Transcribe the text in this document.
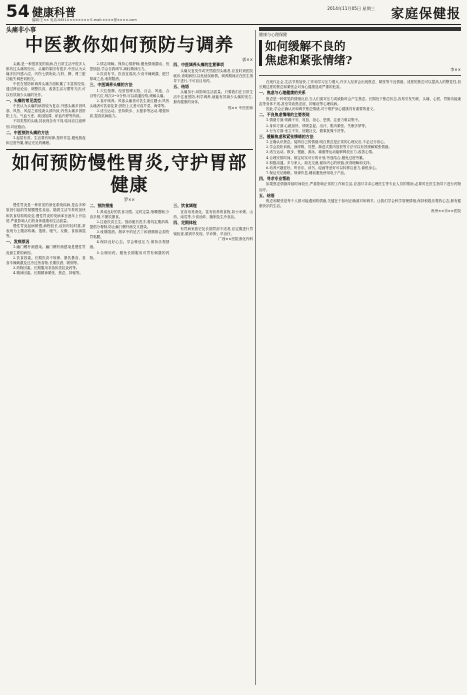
54 健康科普
编辑:王×× 电话:0451×××××××× E-mail:××××@××××.com
2014年11月05日 星期三 家庭保健报
头痛非小事
中医教你如何预防与调养
郭××
头痛,是一种很常见的疾病,在日常生活中很多人都有过头痛的经历。头痛的原因有很多,中医认为头痛多因外感六淫、内伤七情所致,与肝、脾、肾三脏功能失调密切相关。
中医在预防和调养头痛方面积累了丰富的经验,通过辨证论治、调整饮食、改善生活习惯等方法,可以有效减少头痛的发作。
一、头痛的常见类型
中医认为头痛的病因较为复杂,外感头痛多因风寒、风热、风湿之邪侵袭头部所致;内伤头痛多因肝阳上亢、气血亏虚、痰浊阻滞、瘀血内停等所致。
不同类型的头痛,其表现各有不同,临床应注意辨别,对症施治。
二、中医预防头痛的方法
1.起居有常。生活要有规律,按时作息,避免熬夜和过度劳累,保证充足的睡眠。
2.情志调畅。保持心情舒畅,避免情绪激动、忧思恼怒,学会自我调节,减轻精神压力。
3.饮食有节。饮食宜清淡,少食辛辣刺激、肥甘厚味之品,戒烟限酒。
三、中医调养头痛的方法
1.穴位按摩。经常按摩太阳、百会、风池、合谷等穴位,每次3~5分钟,可以疏通经络,缓解头痛。
2.食疗调养。风寒头痛者可饮生姜红糖水;风热头痛者可饮菊花茶;肝阳上亢者可食芹菜、海带等。
3.适当运动。坚持散步、太极拳等运动,增强体质,提高抗病能力。
四、中医调养头痛的注意事项
头痛反复发作或突然剧烈头痛者,应及时到医院就诊,查明病因,以免延误病情。调养期间应在医生指导下进行,不可盲目用药。
五、结语
头痛虽小,却影响生活质量。只要我们在日常生活中注意预防,科学调养,就能有效减少头痛的发生,拥有健康的身体。
郭×× 中医医师
如何预防慢性胃炎,守护胃部健康
罗××
慢性胃炎是一种常见的消化系统疾病,是由多种原因引起的胃黏膜慢性炎症。随着生活节奏的加快和饮食结构的改变,慢性胃炎的发病率呈逐年上升趋势,严重影响人们的身体健康和生活质量。
慢性胃炎起病缓慢,病程较长,症状时轻时重,常表现为上腹部疼痛、饱胀、嗳气、反酸、食欲减退等。
一、发病原因
1.幽门螺杆菌感染。幽门螺杆菌感染是慢性胃炎最主要的病因。
2.饮食因素。长期饮食不规律、暴饮暴食、喜食辛辣刺激及过冷过热食物,长期饮酒、吸烟等。
3.药物因素。长期服用非甾体类抗炎药等。
4.精神因素。长期精神紧张、焦虑、抑郁等。
二、预防措施
1.养成良好的饮食习惯。定时定量,细嚼慢咽,少食多餐,不暴饮暴食。
2.注意饮食卫生。饭前便后洗手,餐具定期消毒,提倡分餐制,防止幽门螺杆菌交叉感染。
3.戒烟限酒。烟草中的尼古丁和酒精都会损伤胃黏膜。
4.保持良好心态。学会释放压力,保持乐观情绪。
5.合理用药。避免长期服用对胃有刺激的药物。
三、饮食调理
宜食用易消化、富有营养的食物,如小米粥、山药、南瓜等,少食油炸、腌制及生冷食品。
四、定期体检
有胃病家族史及长期胃部不适者,应定期进行胃镜检查,做到早发现、早诊断、早治疗。
广西××医院消化内科
健康与心理保健
如何缓解不良的
焦虑和紧张情绪?
李××
在现代社会,生活节奏加快,工作和学习压力增大,许多人经常会出现焦虑、紧张等不良情绪。适度的焦虑可以提高人的警觉性,但长期过度的焦虑和紧张会对身心健康造成严重的危害。
一、焦虑与心理健康的关系
焦虑是一种常见的情绪反应,当人们面对压力或威胁时会产生焦虑。长期处于焦虑状态,容易引发失眠、头痛、心慌、胃肠功能紊乱等身体不适,甚至导致焦虑症、抑郁症等心理疾病。
因此,学会正确认识和调节焦虑情绪,对于维护身心健康具有重要的意义。
二、不良焦虑情绪的主要表现
1.情绪方面:烦躁不安、易怒、担心、恐惧、注意力难以集中。
2.身体方面:心跳加快、呼吸急促、出汗、肌肉紧张、失眠多梦等。
3.行为方面:坐立不安、回避社交、做事犹豫不决等。
三、缓解焦虑和紧张情绪的方法
1.正确认识焦虑。接纳自己的情绪,明白焦虑是正常的心理反应,不必过分担心。
2.学会放松训练。深呼吸、冥想、渐进式肌肉放松等方法可以有效缓解紧张情绪。
3.适当运动。散步、慢跑、游泳、瑜伽等运动能够释放压力,改善心情。
4.合理安排时间。制定切实可行的计划,劳逸结合,避免过度劳累。
5.积极沟通。多与家人、朋友交流,倾诉内心的烦恼,获得理解和支持。
6.培养兴趣爱好。听音乐、读书、绘画等爱好可以转移注意力,愉悦身心。
7.保证充足睡眠。规律作息,睡前避免使用电子产品。
四、寻求专业帮助
如果焦虑情绪持续时间较长,严重影响正常的工作和生活,应及时寻求心理医生等专业人员的帮助,必要时在医生指导下进行药物治疗。
五、结语
焦虑和紧张是每个人都可能遇到的情绪,关键在于如何正确面对和调节。让我们学会科学管理情绪,保持积极乐观的心态,拥有健康快乐的生活。
贵州××市××医院
